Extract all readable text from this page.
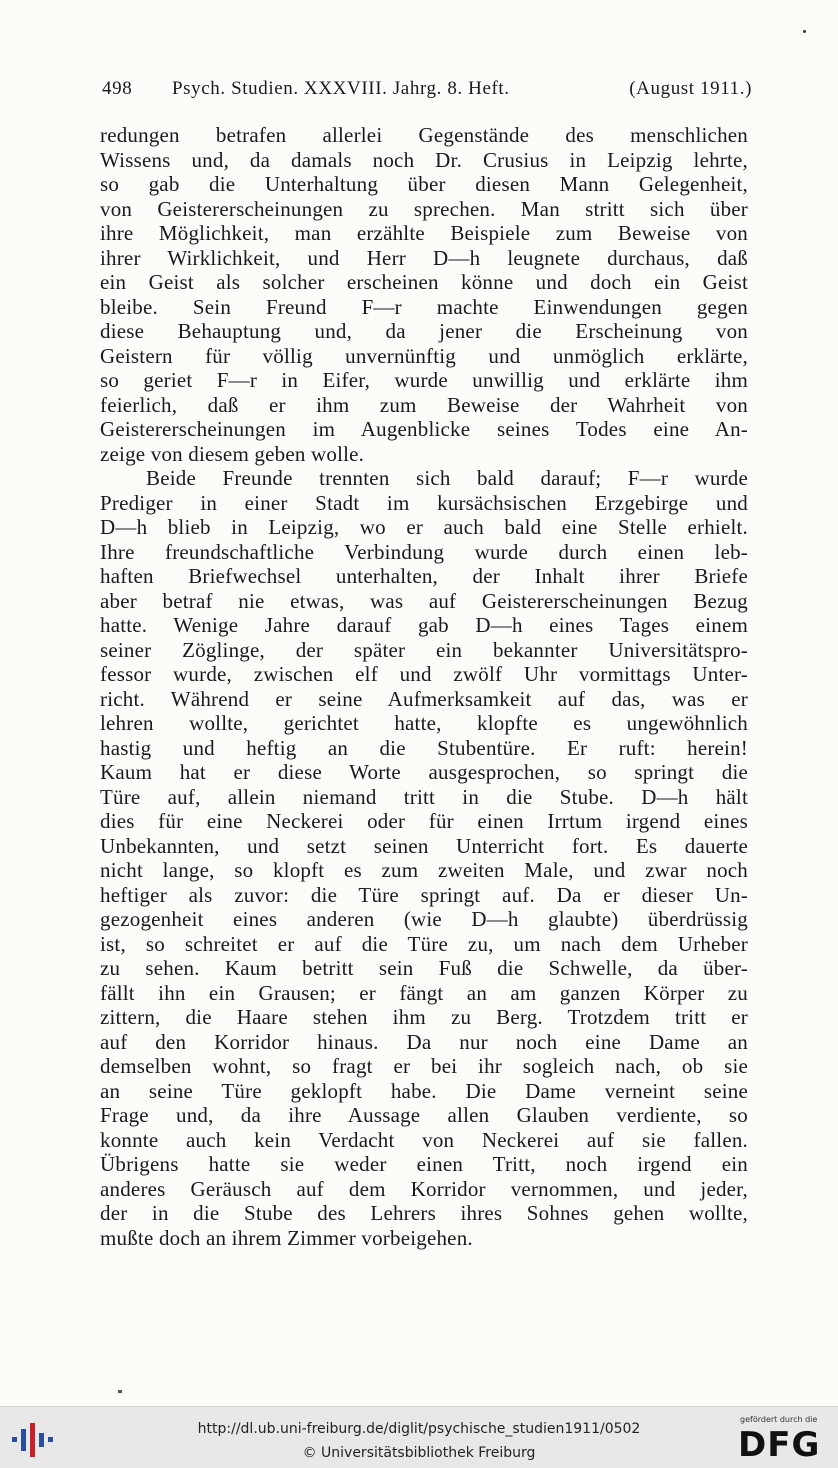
498	Psych. Studien. XXXVIII. Jahrg. 8. Heft.	(August 1911.)
redungen betrafen allerlei Gegenstände des menschlichen
Wissens und, da damals noch Dr. Crusius in Leipzig lehrte,
so gab die Unterhaltung über diesen Mann Gelegenheit,
von Geistererscheinungen zu sprechen. Man stritt sich über
ihre Möglichkeit, man erzählte Beispiele zum Beweise von
ihrer Wirklichkeit, und Herr D—h leugnete durchaus, daß
ein Geist als solcher erscheinen könne und doch ein Geist
bleibe. Sein Freund F—r machte Einwendungen gegen
diese Behauptung und, da jener die Erscheinung von
Geistern für völlig unvernünftig und unmöglich erklärte,
so geriet F—r in Eifer, wurde unwillig und erklärte ihm
feierlich, daß er ihm zum Beweise der Wahrheit von
Geistererscheinungen im Augenblicke seines Todes eine An-
zeige von diesem geben wolle.
Beide Freunde trennten sich bald darauf; F—r wurde
Prediger in einer Stadt im kursächsischen Erzgebirge und
D—h blieb in Leipzig, wo er auch bald eine Stelle erhielt.
Ihre freundschaftliche Verbindung wurde durch einen leb-
haften Briefwechsel unterhalten, der Inhalt ihrer Briefe
aber betraf nie etwas, was auf Geistererscheinungen Bezug
hatte. Wenige Jahre darauf gab D—h eines Tages einem
seiner Zöglinge, der später ein bekannter Universitätspro-
fessor wurde, zwischen elf und zwölf Uhr vormittags Unter-
richt. Während er seine Aufmerksamkeit auf das, was er
lehren wollte, gerichtet hatte, klopfte es ungewöhnlich
hastig und heftig an die Stubentüre. Er ruft: herein!
Kaum hat er diese Worte ausgesprochen, so springt die
Türe auf, allein niemand tritt in die Stube. D—h hält
dies für eine Neckerei oder für einen Irrtum irgend eines
Unbekannten, und setzt seinen Unterricht fort. Es dauerte
nicht lange, so klopft es zum zweiten Male, und zwar noch
heftiger als zuvor: die Türe springt auf. Da er dieser Un-
gezogenheit eines anderen (wie D—h glaubte) überdrüssig
ist, so schreitet er auf die Türe zu, um nach dem Urheber
zu sehen. Kaum betritt sein Fuß die Schwelle, da über-
fällt ihn ein Grausen; er fängt an am ganzen Körper zu
zittern, die Haare stehen ihm zu Berg. Trotzdem tritt er
auf den Korridor hinaus. Da nur noch eine Dame an
demselben wohnt, so fragt er bei ihr sogleich nach, ob sie
an seine Türe geklopft habe. Die Dame verneint seine
Frage und, da ihre Aussage allen Glauben verdiente, so
konnte auch kein Verdacht von Neckerei auf sie fallen.
Übrigens hatte sie weder einen Tritt, noch irgend ein
anderes Geräusch auf dem Korridor vernommen, und jeder,
der in die Stube des Lehrers ihres Sohnes gehen wollte,
mußte doch an ihrem Zimmer vorbeigehen.
http://dl.ub.uni-freiburg.de/diglit/psychische_studien1911/0502
© Universitätsbibliothek Freiburg
gefördert durch die
DFG
